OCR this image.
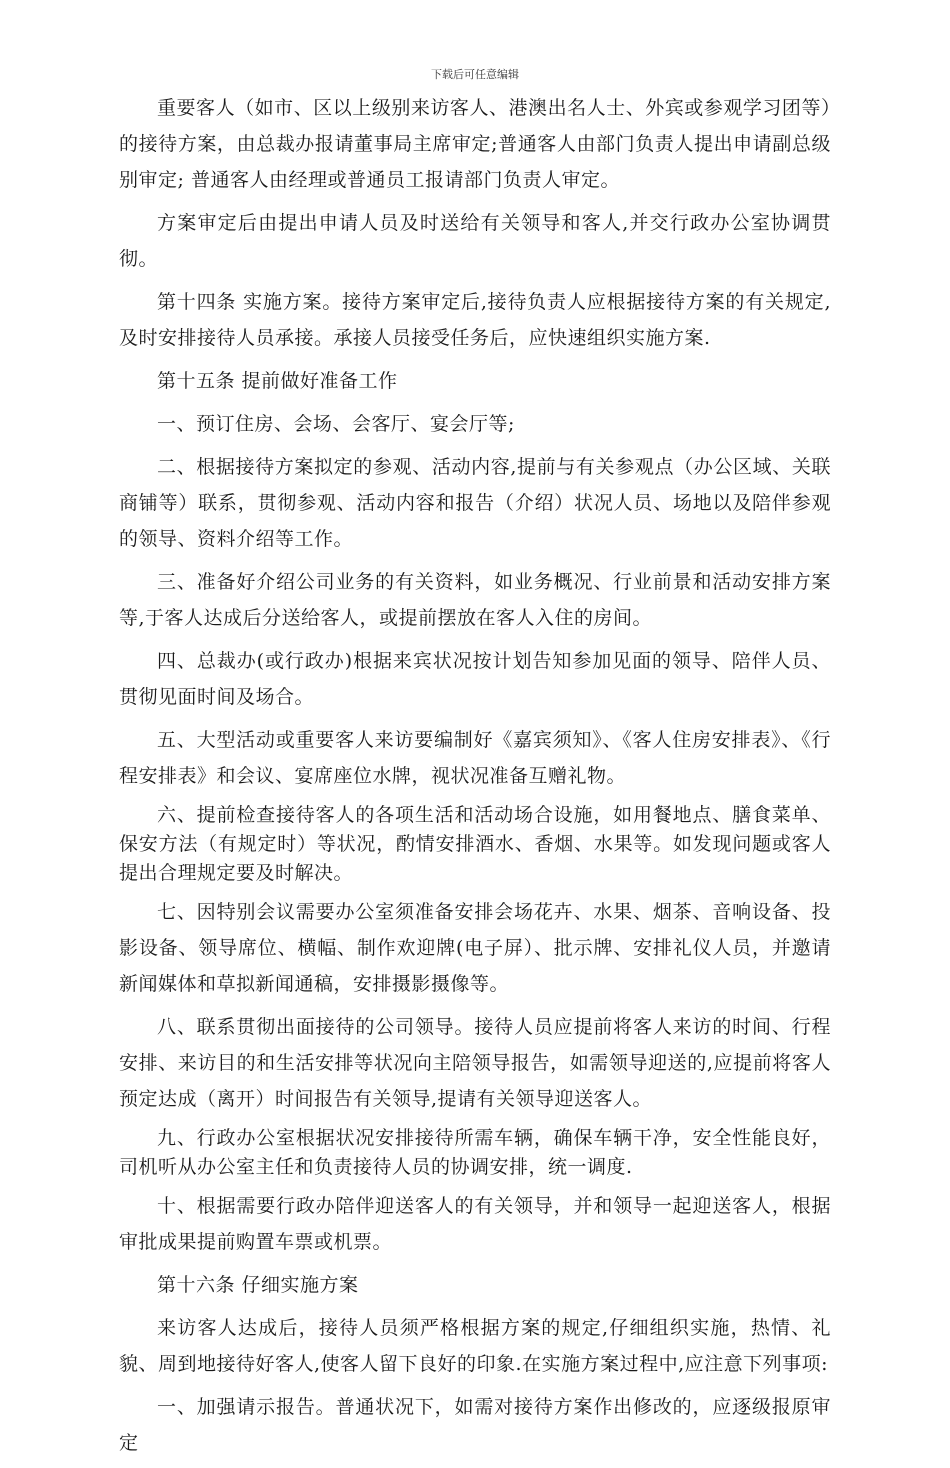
下载后可任意编辑

重要客人（如市、区以上级别来访客人、港澳出名人士、外宾或参观学习团等）的接待方案，由总裁办报请董事局主席审定;普通客人由部门负责人提出申请副总级别审定; 普通客人由经理或普通员工报请部门负责人审定。

方案审定后由提出申请人员及时送给有关领导和客人,并交行政办公室协调贯彻。

第十四条 实施方案。接待方案审定后,接待负责人应根据接待方案的有关规定,及时安排接待人员承接。承接人员接受任务后，应快速组织实施方案.

第十五条 提前做好准备工作

一、预订住房、会场、会客厅、宴会厅等;

二、根据接待方案拟定的参观、活动内容,提前与有关参观点（办公区域、关联商铺等）联系，贯彻参观、活动内容和报告（介绍）状况人员、场地以及陪伴参观的领导、资料介绍等工作。

三、准备好介绍公司业务的有关资料，如业务概况、行业前景和活动安排方案等,于客人达成后分送给客人，或提前摆放在客人入住的房间。

四、总裁办(或行政办)根据来宾状况按计划告知参加见面的领导、陪伴人员、贯彻见面时间及场合。

五、大型活动或重要客人来访要编制好《嘉宾须知》、《客人住房安排表》、《行程安排表》和会议、宴席座位水牌，视状况准备互赠礼物。

六、提前检查接待客人的各项生活和活动场合设施，如用餐地点、膳食菜单、保安方法（有规定时）等状况，酌情安排酒水、香烟、水果等。如发现问题或客人提出合理规定要及时解决。

七、因特别会议需要办公室须准备安排会场花卉、水果、烟茶、音响设备、投影设备、领导席位、横幅、制作欢迎牌(电子屏）、批示牌、安排礼仪人员，并邀请新闻媒体和草拟新闻通稿，安排摄影摄像等。

八、联系贯彻出面接待的公司领导。接待人员应提前将客人来访的时间、行程安排、来访目的和生活安排等状况向主陪领导报告，如需领导迎送的,应提前将客人预定达成（离开）时间报告有关领导,提请有关领导迎送客人。

九、行政办公室根据状况安排接待所需车辆，确保车辆干净，安全性能良好，司机听从办公室主任和负责接待人员的协调安排，统一调度.

十、根据需要行政办陪伴迎送客人的有关领导，并和领导一起迎送客人，根据审批成果提前购置车票或机票。

第十六条 仔细实施方案

来访客人达成后，接待人员须严格根据方案的规定,仔细组织实施，热情、礼貌、周到地接待好客人,使客人留下良好的印象.在实施方案过程中,应注意下列事项:

一、加强请示报告。普通状况下，如需对接待方案作出修改的，应逐级报原审定
